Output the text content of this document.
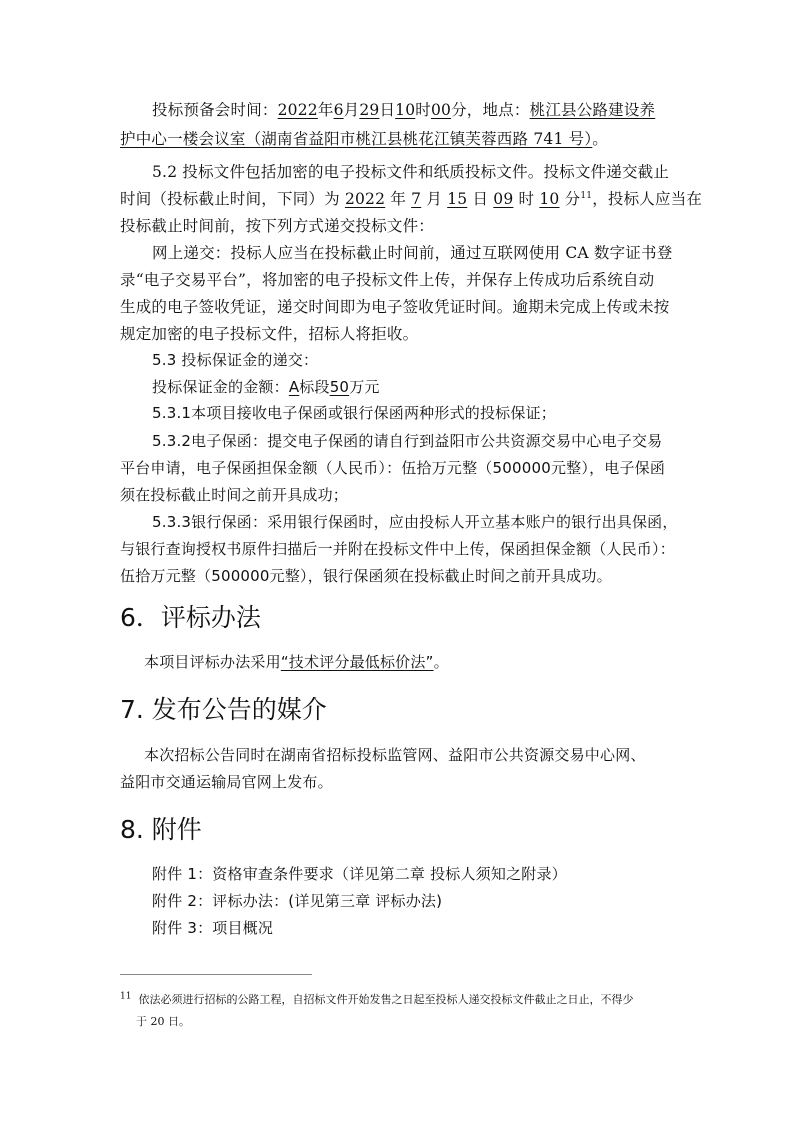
投标预备会时间：2022年6月29日10时00分，地点：桃江县公路建设养
护中心一楼会议室（湖南省益阳市桃江县桃花江镇芙蓉西路 741 号）。
5.2 投标文件包括加密的电子投标文件和纸质投标文件。投标文件递交截止
时间（投标截止时间，下同）为 2022 年 7 月 15 日 09 时 10 分$^{11}$，投标人应当在
投标截止时间前，按下列方式递交投标文件：
网上递交：投标人应当在投标截止时间前，通过互联网使用 CA 数字证书登
录“电子交易平台”，将加密的电子投标文件上传，并保存上传成功后系统自动
生成的电子签收凭证，递交时间即为电子签收凭证时间。逾期未完成上传或未按
规定加密的电子投标文件，招标人将拒收。
5.3 投标保证金的递交：
投标保证金的金额：A标段50万元
5.3.1本项目接收电子保函或银行保函两种形式的投标保证；
5.3.2电子保函：提交电子保函的请自行到益阳市公共资源交易中心电子交易
平台申请，电子保函担保金额（人民币）：伍拾万元整（500000元整），电子保函
须在投标截止时间之前开具成功；
5.3.3银行保函：采用银行保函时，应由投标人开立基本账户的银行出具保函，
与银行查询授权书原件扫描后一并附在投标文件中上传，保函担保金额（人民币）：
伍拾万元整（500000元整），银行保函须在投标截止时间之前开具成功。
6．评标办法
本项目评标办法采用“技术评分最低标价法”。
7. 发布公告的媒介
本次招标公告同时在湖南省招标投标监管网、益阳市公共资源交易中心网、
益阳市交通运输局官网上发布。
8. 附件
附件 1：资格审查条件要求（详见第二章 投标人须知之附录）
附件 2：评标办法：(详见第三章 评标办法)
附件 3：项目概况
$^{11}$ 依法必须进行招标的公路工程，自招标文件开始发售之日起至投标人递交投标文件截止之日止，不得少
于 20 日。
